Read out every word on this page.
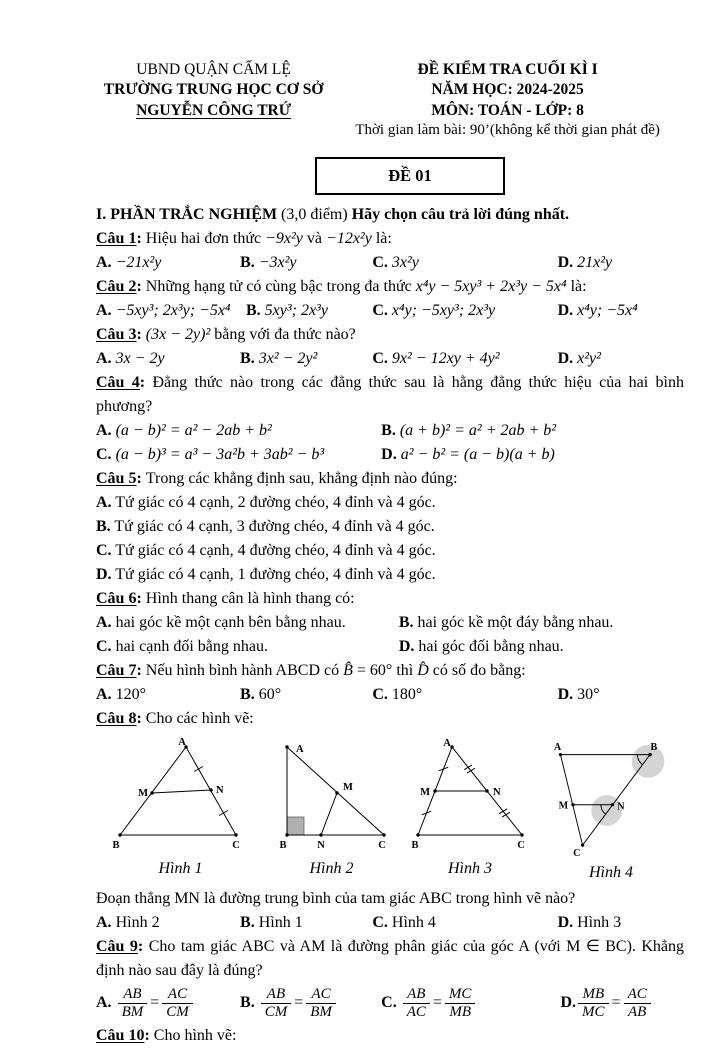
UBND QUẬN CẨM LỆ
TRƯỜNG TRUNG HỌC CƠ SỞ
NGUYỄN CÔNG TRỨ
ĐỀ KIỂM TRA CUỐI KÌ I
NĂM HỌC: 2024-2025
MÔN: TOÁN - LỚP: 8
Thời gian làm bài: 90’(không kể thời gian phát đề)
ĐỀ 01
I. PHẦN TRẮC NGHIỆM (3,0 điểm) Hãy chọn câu trả lời đúng nhất.
Câu 1: Hiệu hai đơn thức −9x²y và −12x²y là:
A. −21x²y	B. −3x²y	C. 3x²y	D. 21x²y
Câu 2: Những hạng tử có cùng bậc trong đa thức x⁴y − 5xy³ + 2x³y − 5x⁴ là:
A. −5xy³; 2x³y; −5x⁴ B. 5xy³; 2x³y	C. x⁴y; −5xy³; 2x³y	D. x⁴y; −5x⁴
Câu 3: (3x − 2y)² bằng với đa thức nào?
A. 3x − 2y	B. 3x² − 2y²	C. 9x² − 12xy + 4y²	D. x²y²
Câu 4: Đẳng thức nào trong các đẳng thức sau là hằng đẳng thức hiệu của hai bình phương?
A. (a − b)² = a² − 2ab + b²	B. (a + b)² = a² + 2ab + b²
C. (a − b)³ = a³ − 3a²b + 3ab² − b³	D. a² − b² = (a − b)(a + b)
Câu 5: Trong các khẳng định sau, khẳng định nào đúng:
A. Tứ giác có 4 cạnh, 2 đường chéo, 4 đỉnh và 4 góc.
B. Tứ giác có 4 cạnh, 3 đường chéo, 4 đỉnh và 4 góc.
C. Tứ giác có 4 cạnh, 4 đường chéo, 4 đỉnh và 4 góc.
D. Tứ giác có 4 cạnh, 1 đường chéo, 4 đỉnh và 4 góc.
Câu 6: Hình thang cân là hình thang có:
A. hai góc kề một cạnh bên bằng nhau.	B. hai góc kề một đáy bằng nhau.
C. hai cạnh đối bằng nhau.	D. hai góc đối bằng nhau.
Câu 7: Nếu hình bình hành ABCD có B̂ = 60° thì D̂ có số đo bằng:
A. 120°	B. 60°	C. 180°	D. 30°
Câu 8: Cho các hình vẽ:
A
B	C
M	N
Hình 1
A
B	C
M
N
Hình 2
A
B	C
M	N
Hình 3
A	B
C
M	N
Hình 4
Đoạn thẳng MN là đường trung bình của tam giác ABC trong hình vẽ nào?
A. Hình 2	B. Hình 1	C. Hình 4	D. Hình 3
Câu 9: Cho tam giác ABC và AM là đường phân giác của góc A (với M ∈ BC). Khẳng định nào sau đây là đúng?
A. $\frac{AB}{BM} = \frac{AC}{CM}$	B. $\frac{AB}{CM} = \frac{AC}{BM}$	C. $\frac{AB}{AC} = \frac{MC}{MB}$	D. $\frac{MB}{MC} = \frac{AC}{AB}$
Câu 10: Cho hình vẽ:
